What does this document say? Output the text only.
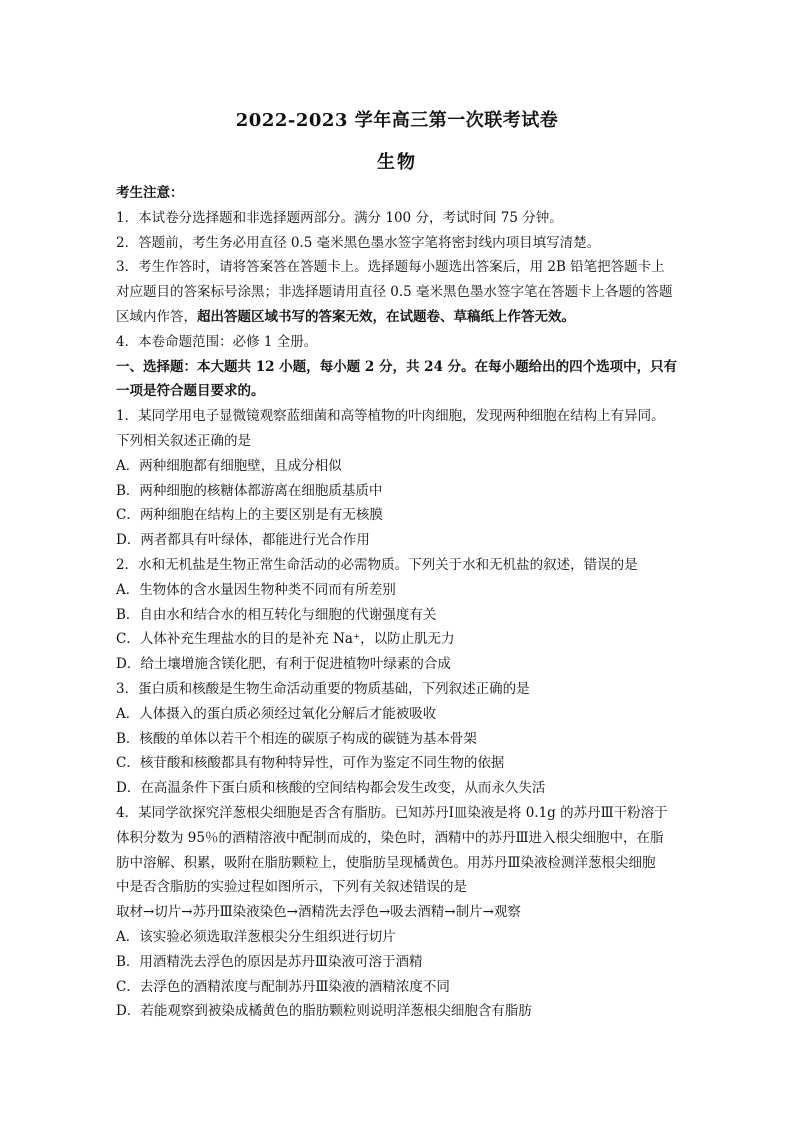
2022-2023 学年高三第一次联考试卷
生物
考生注意：
1．本试卷分选择题和非选择题两部分。满分 100 分，考试时间 75 分钟。
2．答题前，考生务必用直径 0.5 毫米黑色墨水签字笔将密封线内项目填写清楚。
3．考生作答时，请将答案答在答题卡上。选择题每小题选出答案后，用 2B 铅笔把答题卡上
对应题目的答案标号涂黑；非选择题请用直径 0.5 毫米黑色墨水签字笔在答题卡上各题的答题
区域内作答，超出答题区域书写的答案无效，在试题卷、草稿纸上作答无效。
4．本卷命题范围：必修 1 全册。
一、选择题：本大题共 12 小题，每小题 2 分，共 24 分。在每小题给出的四个选项中，只有
一项是符合题目要求的。
1．某同学用电子显微镜观察蓝细菌和高等植物的叶肉细胞，发现两种细胞在结构上有异同。
下列相关叙述正确的是
A．两种细胞都有细胞壁，且成分相似
B．两种细胞的核糖体都游离在细胞质基质中
C．两种细胞在结构上的主要区别是有无核膜
D．两者都具有叶绿体，都能进行光合作用
2．水和无机盐是生物正常生命活动的必需物质。下列关于水和无机盐的叙述，错误的是
A．生物体的含水量因生物种类不同而有所差别
B．自由水和结合水的相互转化与细胞的代谢强度有关
C．人体补充生理盐水的目的是补充 Na⁺，以防止肌无力
D．给土壤增施含镁化肥，有利于促进植物叶绿素的合成
3．蛋白质和核酸是生物生命活动重要的物质基础，下列叙述正确的是
A．人体摄入的蛋白质必须经过氧化分解后才能被吸收
B．核酸的单体以若干个相连的碳原子构成的碳链为基本骨架
C．核苷酸和核酸都具有物种特异性，可作为鉴定不同生物的依据
D．在高温条件下蛋白质和核酸的空间结构都会发生改变，从而永久失活
4．某同学欲探究洋葱根尖细胞是否含有脂肪。已知苏丹Ⅰ皿染液是将 0.1g 的苏丹Ⅲ干粉溶于
体积分数为 95％的酒精溶液中配制而成的，染色时，酒精中的苏丹Ⅲ进入根尖细胞中，在脂
肪中溶解、积累，吸附在脂肪颗粒上，使脂肪呈现橘黄色。用苏丹Ⅲ染液检测洋葱根尖细胞
中是否含脂肪的实验过程如图所示，下列有关叙述错误的是
取材→切片→苏丹Ⅲ染液染色→酒精洗去浮色→吸去酒精→制片→观察
A．该实验必须选取洋葱根尖分生组织进行切片
B．用酒精洗去浮色的原因是苏丹Ⅲ染液可溶于酒精
C．去浮色的酒精浓度与配制苏丹Ⅲ染液的酒精浓度不同
D．若能观察到被染成橘黄色的脂肪颗粒则说明洋葱根尖细胞含有脂肪
